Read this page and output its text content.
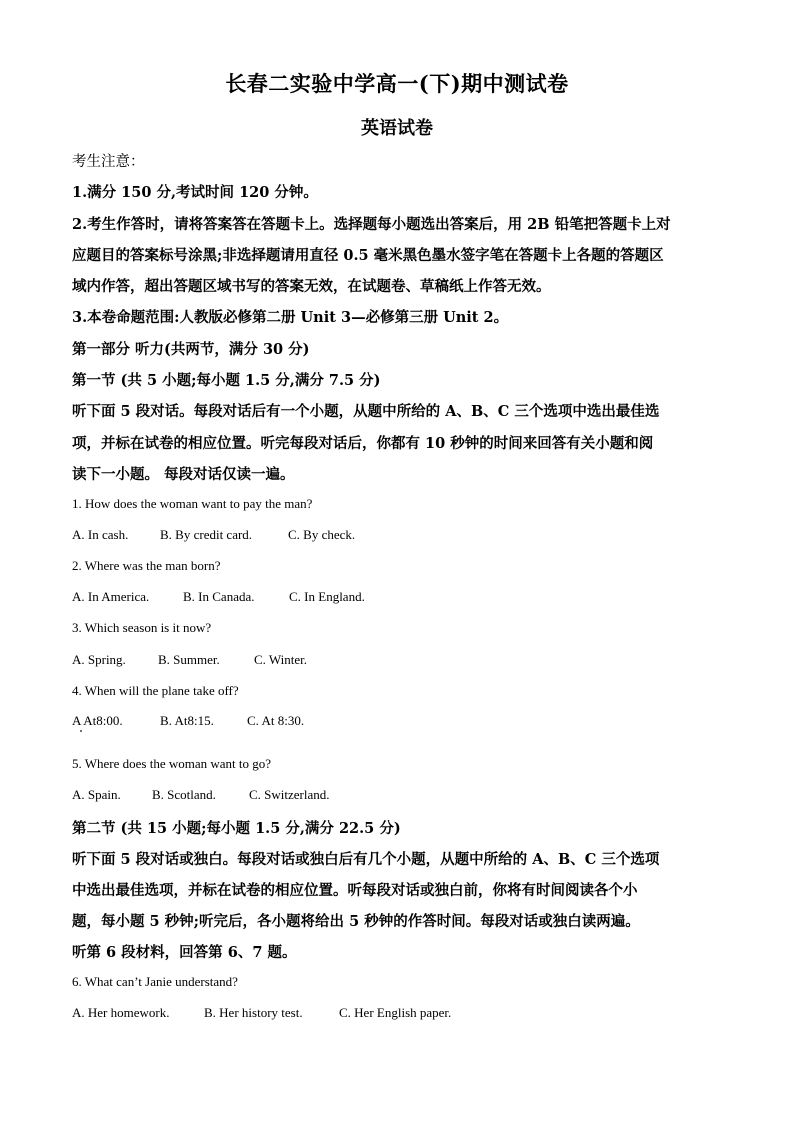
长春二实验中学高一(下)期中测试卷
英语试卷
考生注意：
1.满分 150 分,考试时间 120 分钟。
2.考生作答时，请将答案答在答题卡上。选择题每小题选出答案后，用 2B 铅笔把答题卡上对
应题目的答案标号涂黑;非选择题请用直径 0.5 毫米黑色墨水签字笔在答题卡上各题的答题区
域内作答，超出答题区域书写的答案无效，在试题卷、草稿纸上作答无效。
3.本卷命题范围:人教版必修第二册 Unit 3—必修第三册 Unit 2。
第一部分 听力(共两节，满分 30 分)
第一节 (共 5 小题;每小题 1.5 分,满分 7.5 分)
听下面 5 段对话。每段对话后有一个小题，从题中所给的 A、B、C 三个选项中选出最佳选
项，并标在试卷的相应位置。听完每段对话后，你都有 10 秒钟的时间来回答有关小题和阅
读下一小题。 每段对话仅读一遍。
1. How does the woman want to pay the man?
A. In cash. B. By credit card.	C. By check.
2. Where was the man born?
A. In America.	B. In Canada.	C. In England.
3. Which season is it now?
A. Spring. B. Summer.	C. Winter.
4. When will the plane take off?
A At8:00.	B. At8:15.	C. At 8:30.
5. Where does the woman want to go?
A. Spain. B. Scotland.	C. Switzerland.
第二节 (共 15 小题;每小题 1.5 分,满分 22.5 分)
听下面 5 段对话或独白。每段对话或独白后有几个小题，从题中所给的 A、B、C 三个选项
中选出最佳选项，并标在试卷的相应位置。听每段对话或独白前，你将有时间阅读各个小
题，每小题 5 秒钟;听完后，各小题将给出 5 秒钟的作答时间。每段对话或独白读两遍。
听第 6 段材料，回答第 6、7 题。
6. What can’t Janie understand?
A. Her homework.	B. Her history test.	C. Her English paper.
